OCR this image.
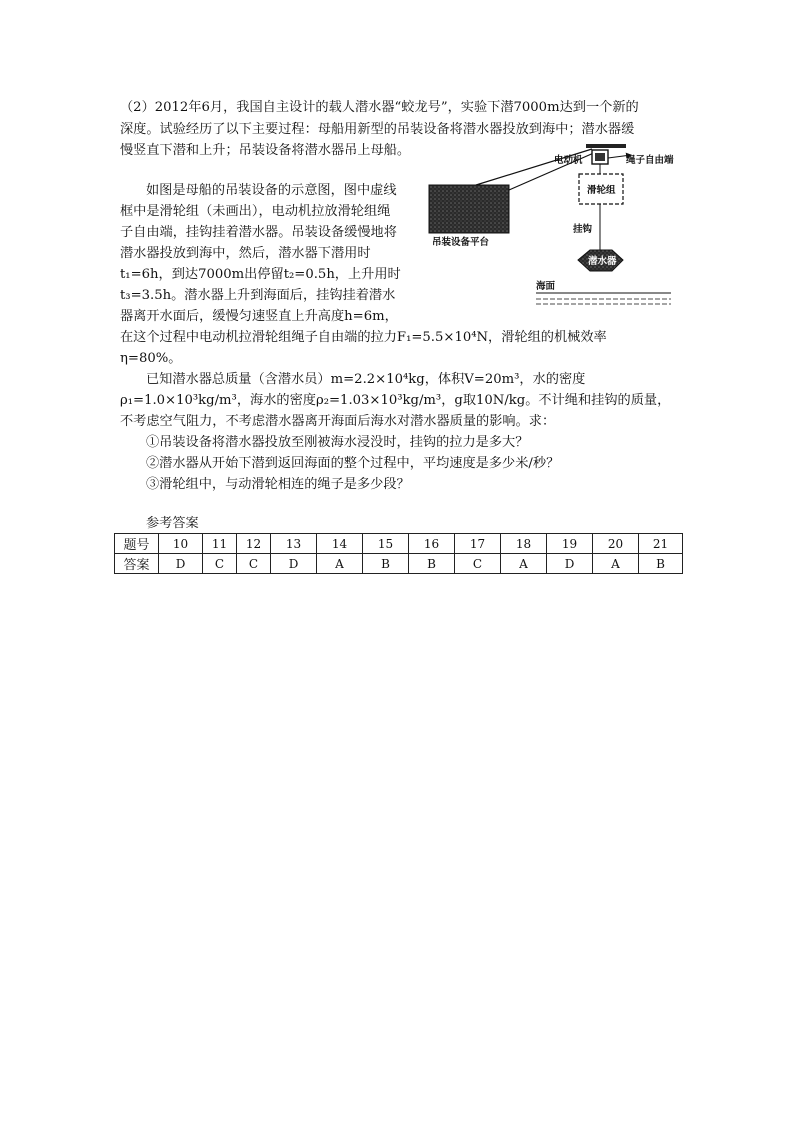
（2）2012年6月，我国自主设计的载人潜水器“蛟龙号”，实验下潜7000m达到一个新的
深度。试验经历了以下主要过程：母船用新型的吊装设备将潜水器投放到海中；潜水器缓
慢竖直下潜和上升；吊装设备将潜水器吊上母船。
如图是母船的吊装设备的示意图，图中虚线
框中是滑轮组（未画出），电动机拉放滑轮组绳
子自由端，挂钩挂着潜水器。吊装设备缓慢地将
潜水器投放到海中，然后，潜水器下潜用时
t₁=6h，到达7000m出停留t₂=0.5h，上升用时
t₃=3.5h。潜水器上升到海面后，挂钩挂着潜水
器离开水面后，缓慢匀速竖直上升高度h=6m，
在这个过程中电动机拉滑轮组绳子自由端的拉力F₁=5.5×10⁴N，滑轮组的机械效率
η=80%。
已知潜水器总质量（含潜水员）m=2.2×10⁴kg，体积V=20m³，水的密度
ρ₁=1.0×10³kg/m³，海水的密度ρ₂=1.03×10³kg/m³，g取10N/kg。不计绳和挂钩的质量，
不考虑空气阻力，不考虑潜水器离开海面后海水对潜水器质量的影响。求：
①吊装设备将潜水器投放至刚被海水浸没时，挂钩的拉力是多大？
②潜水器从开始下潜到返回海面的整个过程中，平均速度是多少米/秒？
③滑轮组中，与动滑轮相连的绳子是多少段？
电动机	绳子自由端
滑轮组
挂钩
吊装设备平台
潜水器
海面
参考答案
题号	10	11	12	13	14	15	16	17	18	19	20	21
答案	D	C	C	D	A	B	B	C	A	D	A	B
